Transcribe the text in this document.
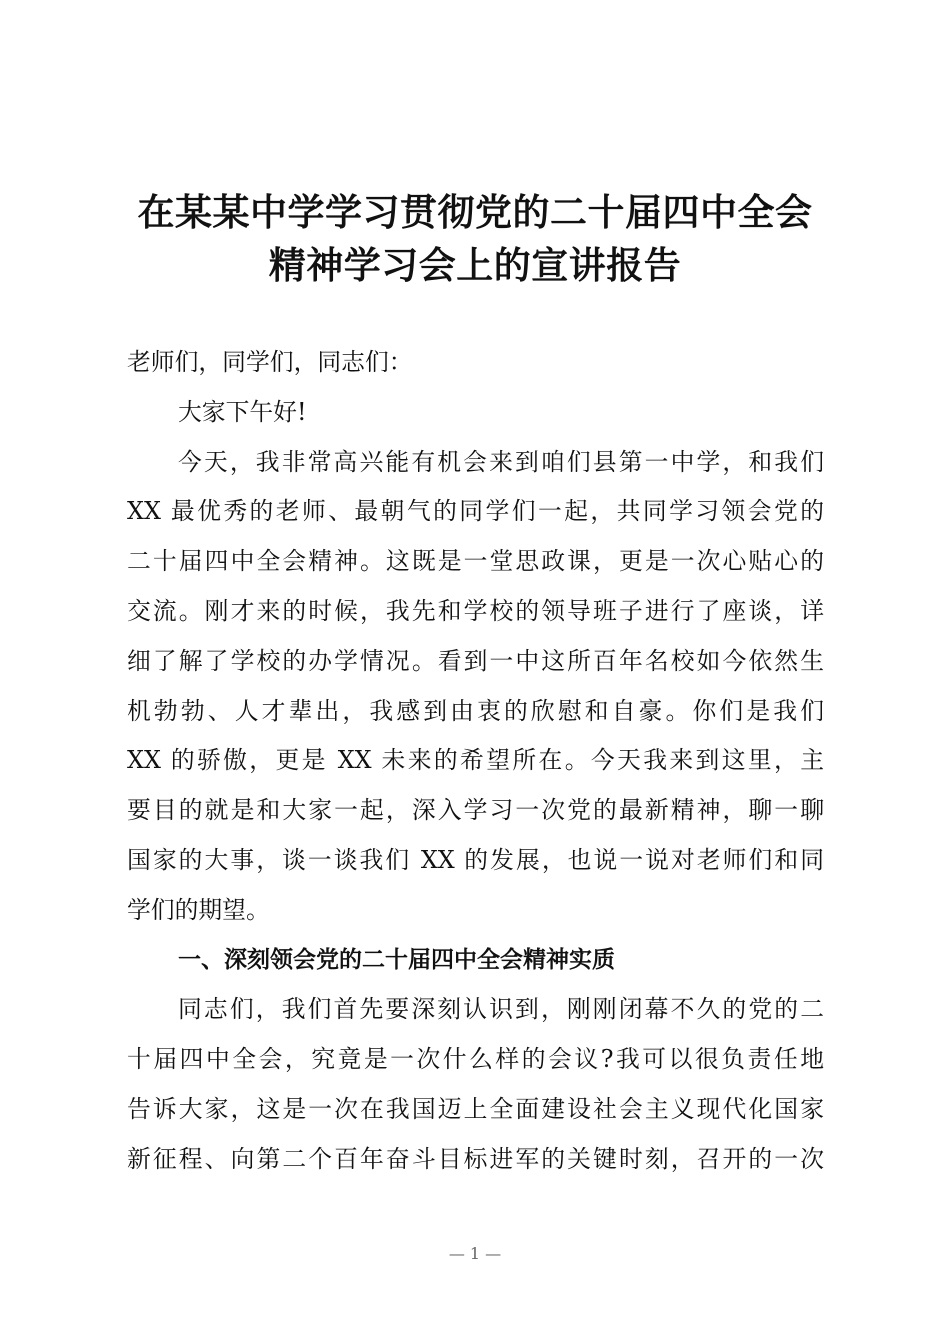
在某某中学学习贯彻党的二十届四中全会
精神学习会上的宣讲报告

老师们，同学们，同志们：

大家下午好!

今天，我非常高兴能有机会来到咱们县第一中学，和我们
XX 最优秀的老师、最朝气的同学们一起，共同学习领会党的
二十届四中全会精神。这既是一堂思政课，更是一次心贴心的
交流。刚才来的时候，我先和学校的领导班子进行了座谈，详
细了解了学校的办学情况。看到一中这所百年名校如今依然生
机勃勃、人才辈出，我感到由衷的欣慰和自豪。你们是我们
XX 的骄傲，更是 XX 未来的希望所在。今天我来到这里，主
要目的就是和大家一起，深入学习一次党的最新精神，聊一聊
国家的大事，谈一谈我们 XX 的发展，也说一说对老师们和同
学们的期望。

一、深刻领会党的二十届四中全会精神实质

同志们，我们首先要深刻认识到，刚刚闭幕不久的党的二
十届四中全会，究竟是一次什么样的会议?我可以很负责任地
告诉大家，这是一次在我国迈上全面建设社会主义现代化国家
新征程、向第二个百年奋斗目标进军的关键时刻，召开的一次
— 1 —
